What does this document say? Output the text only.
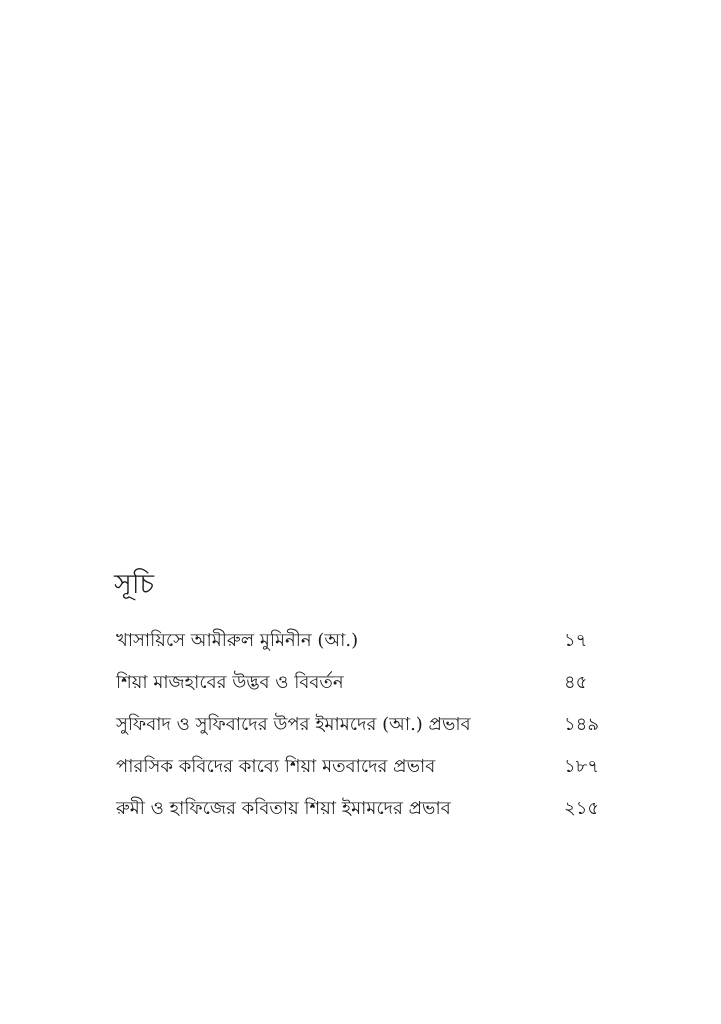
সূচি
খাসায়িসে আমীরুল মুমিনীন (আ.)	১৭
শিয়া মাজহাবের উদ্ভব ও বিবর্তন	৪৫
সুফিবাদ ও সুফিবাদের উপর ইমামদের (আ.) প্রভাব	১৪৯
পারসিক কবিদের কাব্যে শিয়া মতবাদের প্রভাব	১৮৭
রুমী ও হাফিজের কবিতায় শিয়া ইমামদের প্রভাব	২১৫
